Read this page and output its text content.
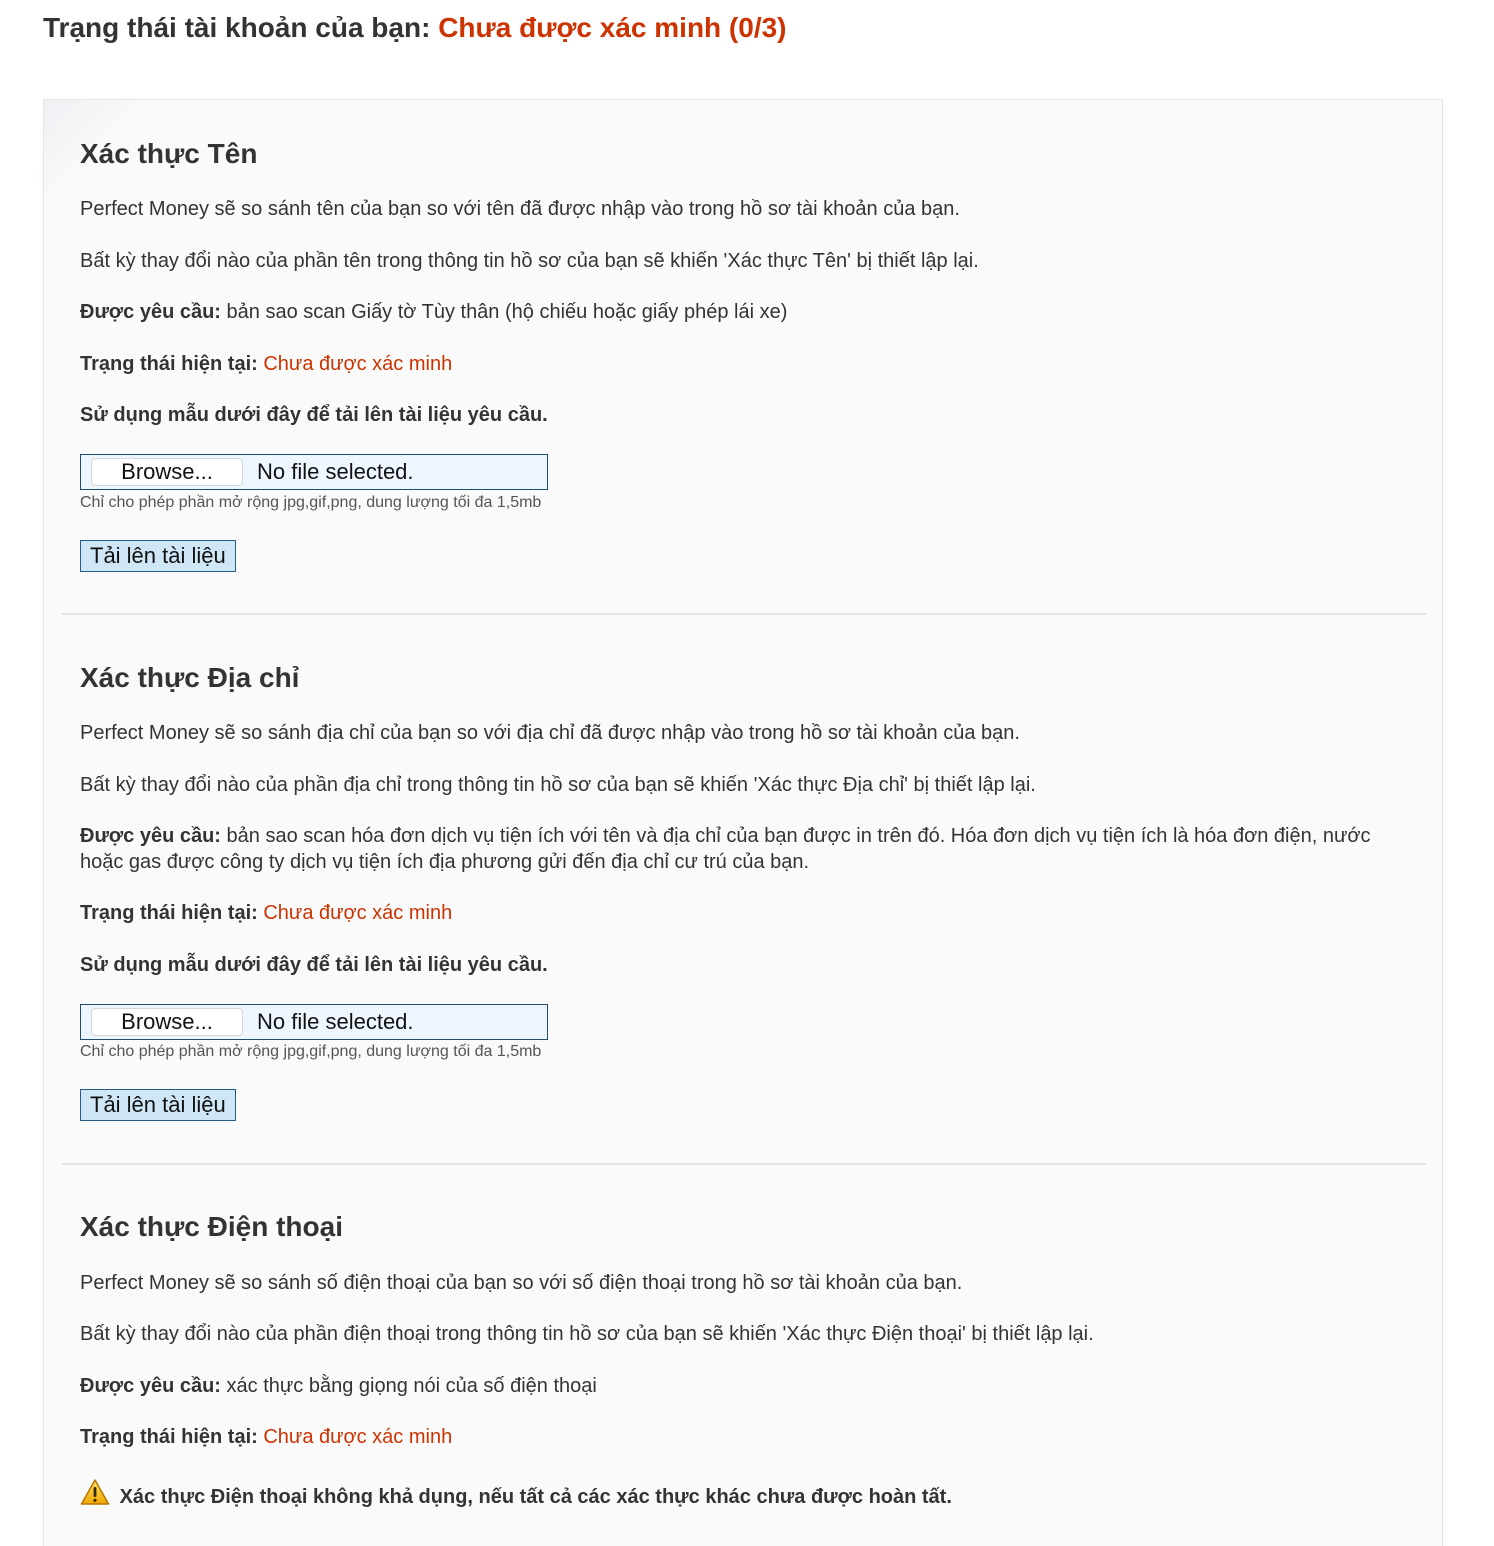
Trạng thái tài khoản của bạn: Chưa được xác minh (0/3)
Xác thực Tên

Perfect Money sẽ so sánh tên của bạn so với tên đã được nhập vào trong hồ sơ tài khoản của bạn.

Bất kỳ thay đổi nào của phần tên trong thông tin hồ sơ của bạn sẽ khiến 'Xác thực Tên' bị thiết lập lại.

Được yêu cầu: bản sao scan Giấy tờ Tùy thân (hộ chiếu hoặc giấy phép lái xe)

Trạng thái hiện tại: Chưa được xác minh

Sử dụng mẫu dưới đây để tải lên tài liệu yêu cầu.

Browse...	No file selected.
Chỉ cho phép phần mở rộng jpg,gif,png, dung lượng tối đa 1,5mb
Tải lên tài liệu
Xác thực Địa chỉ

Perfect Money sẽ so sánh địa chỉ của bạn so với địa chỉ đã được nhập vào trong hồ sơ tài khoản của bạn.

Bất kỳ thay đổi nào của phần địa chỉ trong thông tin hồ sơ của bạn sẽ khiến 'Xác thực Địa chỉ' bị thiết lập lại.

Được yêu cầu: bản sao scan hóa đơn dịch vụ tiện ích với tên và địa chỉ của bạn được in trên đó. Hóa đơn dịch vụ tiện ích là hóa đơn điện, nước hoặc gas được công ty dịch vụ tiện ích địa phương gửi đến địa chỉ cư trú của bạn.

Trạng thái hiện tại: Chưa được xác minh

Sử dụng mẫu dưới đây để tải lên tài liệu yêu cầu.

Browse...	No file selected.
Chỉ cho phép phần mở rộng jpg,gif,png, dung lượng tối đa 1,5mb
Tải lên tài liệu
Xác thực Điện thoại

Perfect Money sẽ so sánh số điện thoại của bạn so với số điện thoại trong hồ sơ tài khoản của bạn.

Bất kỳ thay đổi nào của phần điện thoại trong thông tin hồ sơ của bạn sẽ khiến 'Xác thực Điện thoại' bị thiết lập lại.

Được yêu cầu: xác thực bằng giọng nói của số điện thoại

Trạng thái hiện tại: Chưa được xác minh

Xác thực Điện thoại không khả dụng, nếu tất cả các xác thực khác chưa được hoàn tất.
